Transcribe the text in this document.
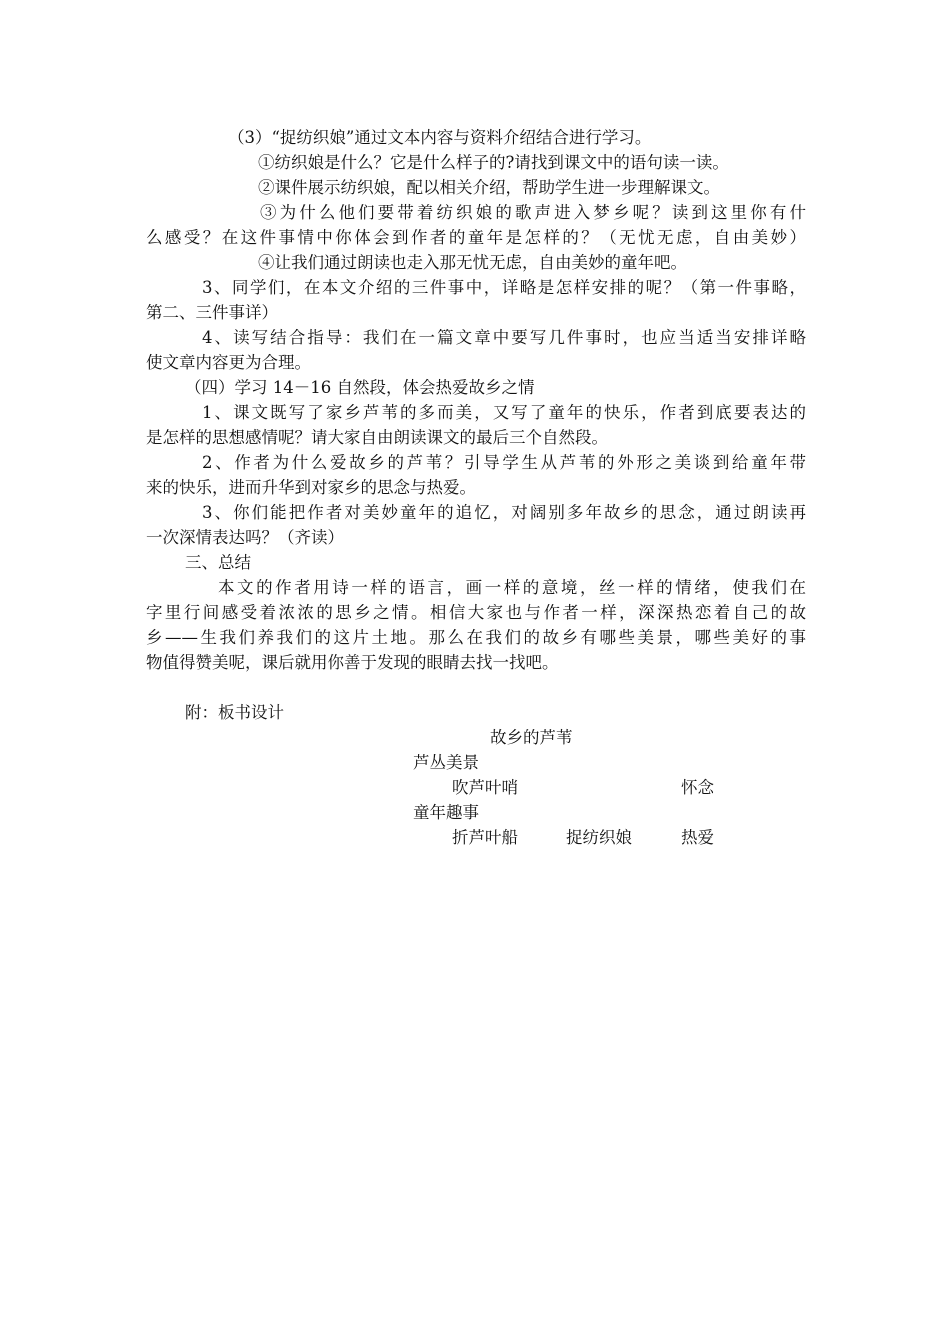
（3）“捉纺织娘”通过文本内容与资料介绍结合进行学习。
①纺织娘是什么？它是什么样子的?请找到课文中的语句读一读。
②课件展示纺织娘，配以相关介绍，帮助学生进一步理解课文。
③为什么他们要带着纺织娘的歌声进入梦乡呢？读到这里你有什
么感受？在这件事情中你体会到作者的童年是怎样的？（无忧无虑，自由美妙）
④让我们通过朗读也走入那无忧无虑，自由美妙的童年吧。
3、同学们，在本文介绍的三件事中，详略是怎样安排的呢？（第一件事略，
第二、三件事详）
4、读写结合指导：我们在一篇文章中要写几件事时，也应当适当安排详略
使文章内容更为合理。
（四）学习 14－16 自然段，体会热爱故乡之情
1、课文既写了家乡芦苇的多而美，又写了童年的快乐，作者到底要表达的
是怎样的思想感情呢？请大家自由朗读课文的最后三个自然段。
2、作者为什么爱故乡的芦苇？引导学生从芦苇的外形之美谈到给童年带
来的快乐，进而升华到对家乡的思念与热爱。
3、你们能把作者对美妙童年的追忆，对阔别多年故乡的思念，通过朗读再
一次深情表达吗？（齐读）
三、总结
本文的作者用诗一样的语言，画一样的意境，丝一样的情绪，使我们在
字里行间感受着浓浓的思乡之情。相信大家也与作者一样，深深热恋着自己的故
乡——生我们养我们的这片土地。那么在我们的故乡有哪些美景，哪些美好的事
物值得赞美呢，课后就用你善于发现的眼睛去找一找吧。
附：板书设计
故乡的芦苇
芦丛美景
吹芦叶哨	怀念
童年趣事
折芦叶船	捉纺织娘	热爱
